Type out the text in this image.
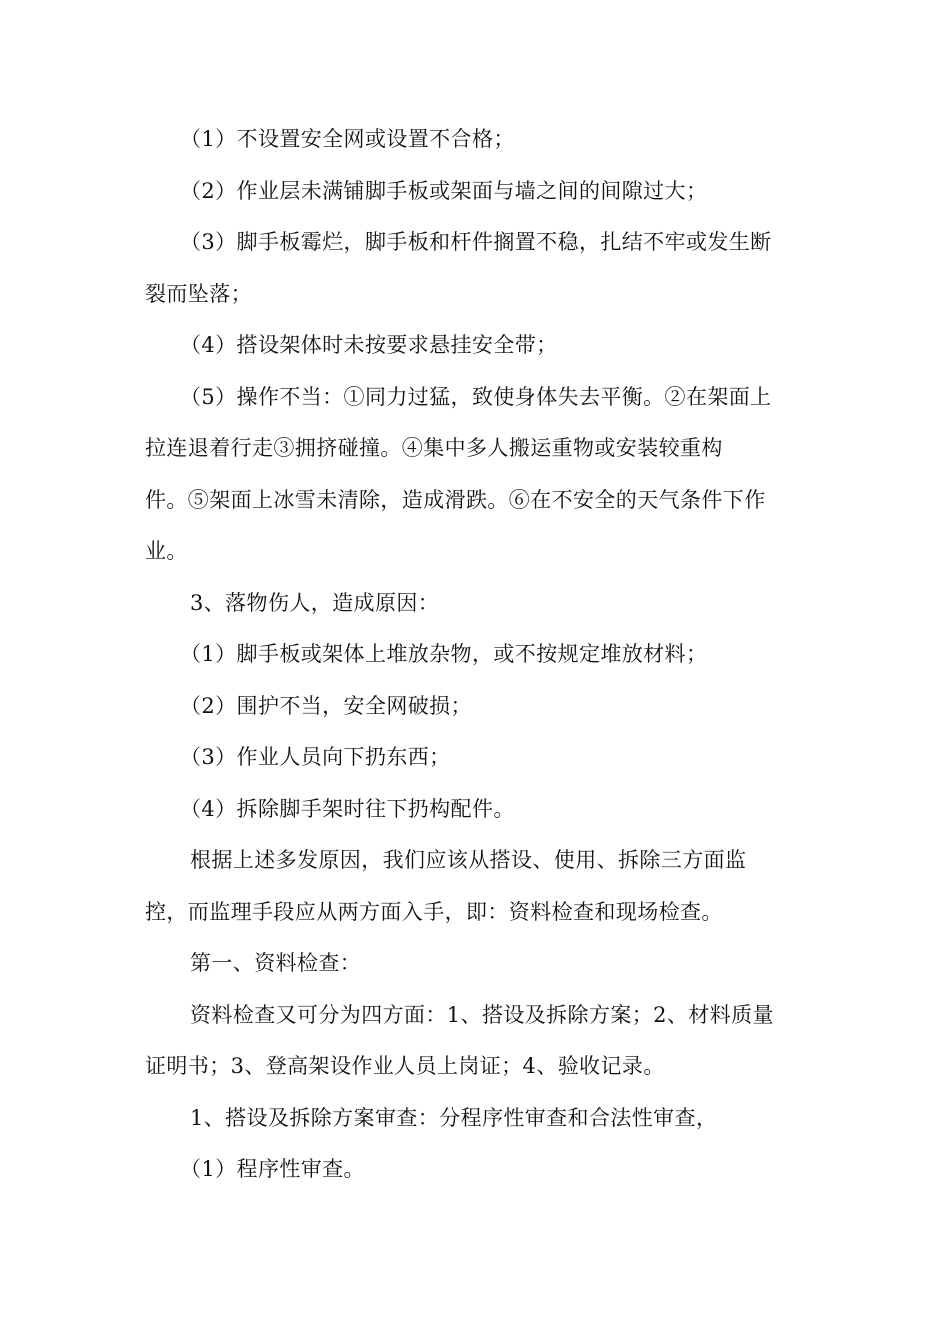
（1）不设置安全网或设置不合格；
（2）作业层未满铺脚手板或架面与墙之间的间隙过大；
（3）脚手板霉烂，脚手板和杆件搁置不稳，扎结不牢或发生断
裂而坠落；
（4）搭设架体时未按要求悬挂安全带；
（5）操作不当：①同力过猛，致使身体失去平衡。②在架面上
拉连退着行走③拥挤碰撞。④集中多人搬运重物或安装较重构
件。⑤架面上冰雪未清除，造成滑跌。⑥在不安全的天气条件下作
业。
3、落物伤人，造成原因：
（1）脚手板或架体上堆放杂物，或不按规定堆放材料；
（2）围护不当，安全网破损；
（3）作业人员向下扔东西；
（4）拆除脚手架时往下扔构配件。
根据上述多发原因，我们应该从搭设、使用、拆除三方面监
控，而监理手段应从两方面入手，即：资料检查和现场检查。
第一、资料检查：
资料检查又可分为四方面：1、搭设及拆除方案；2、材料质量
证明书；3、登高架设作业人员上岗证；4、验收记录。
1、搭设及拆除方案审查：分程序性审查和合法性审查，
（1）程序性审查。
